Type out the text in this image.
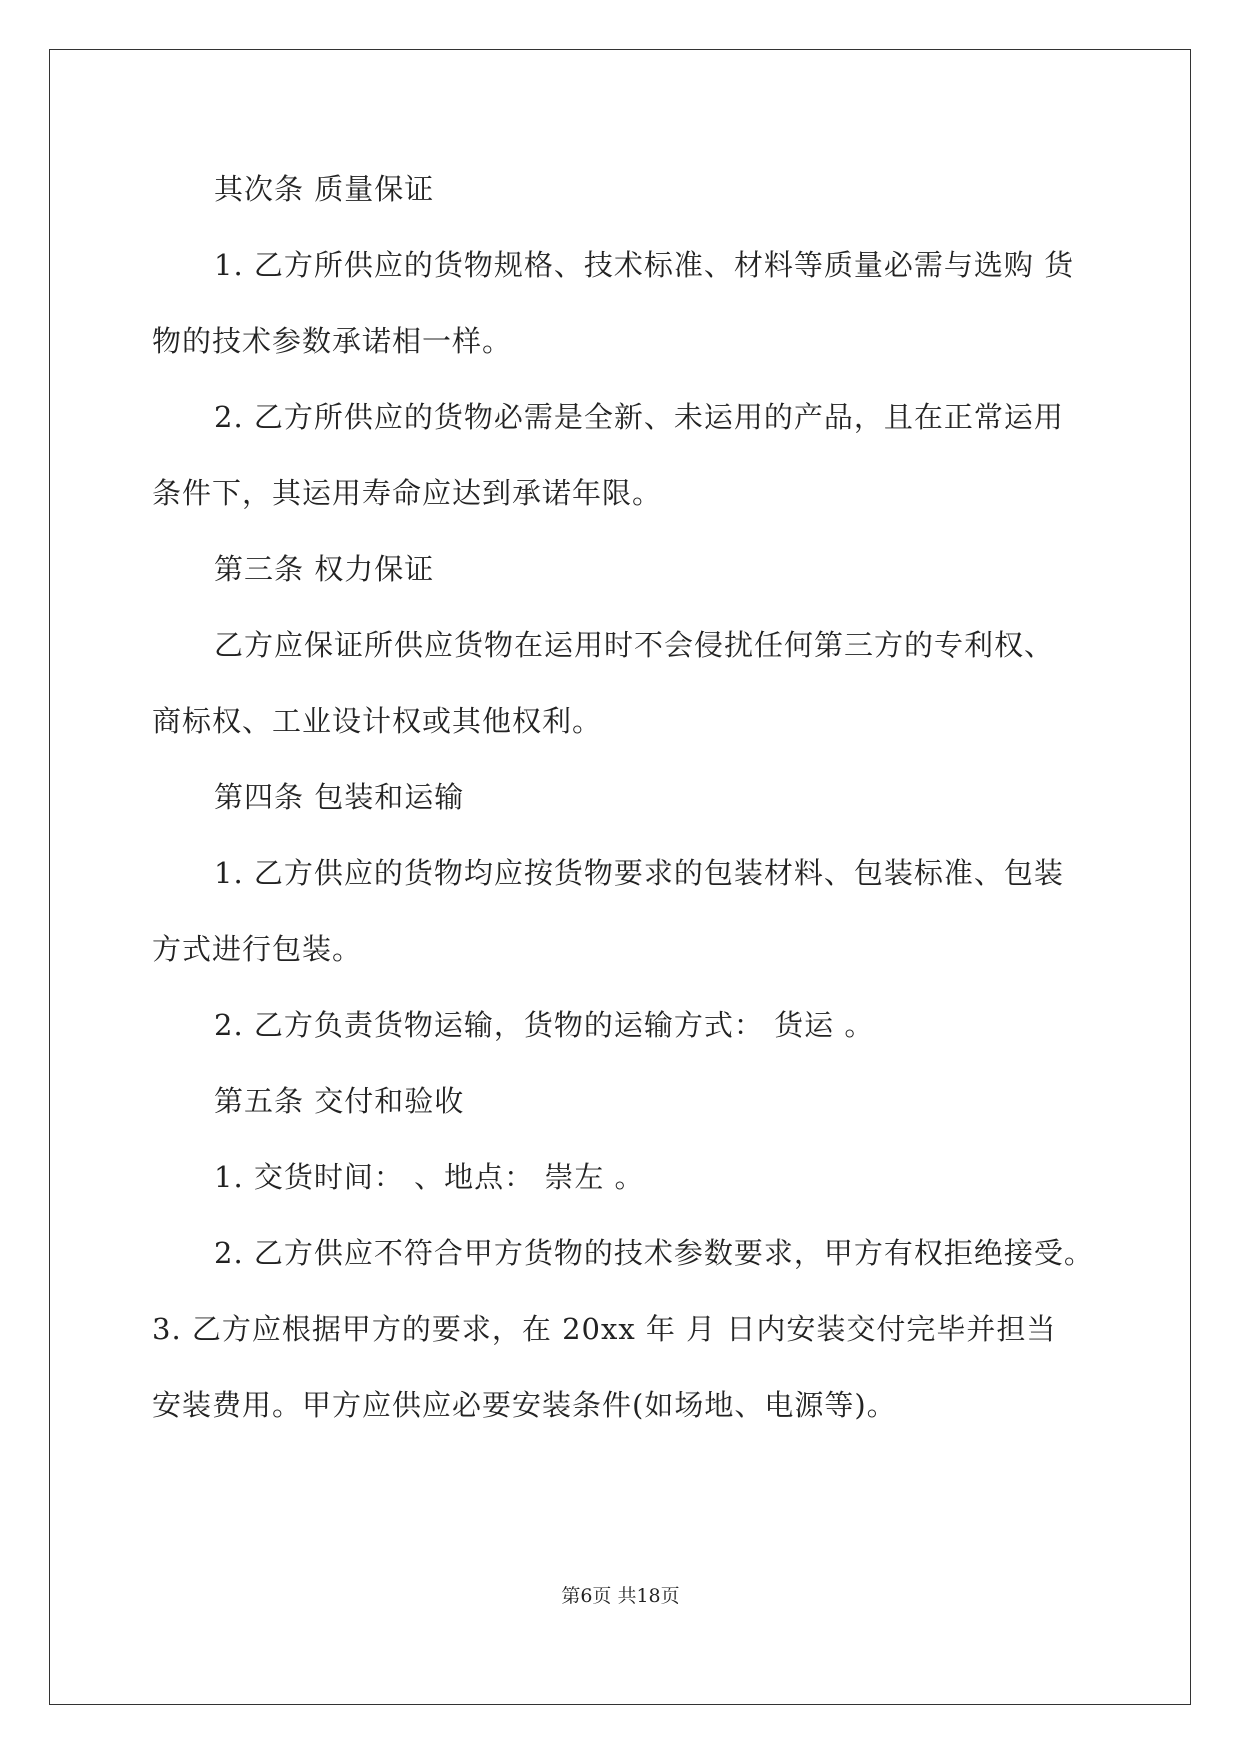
其次条 质量保证
1. 乙方所供应的货物规格、技术标准、材料等质量必需与选购 货
物的技术参数承诺相一样。
2. 乙方所供应的货物必需是全新、未运用的产品，且在正常运用
条件下，其运用寿命应达到承诺年限。
第三条 权力保证
乙方应保证所供应货物在运用时不会侵扰任何第三方的专利权、
商标权、工业设计权或其他权利。
第四条 包装和运输
1. 乙方供应的货物均应按货物要求的包装材料、包装标准、包装
方式进行包装。
2. 乙方负责货物运输，货物的运输方式： 货运 。
第五条 交付和验收
1. 交货时间： 、地点： 崇左 。
2. 乙方供应不符合甲方货物的技术参数要求，甲方有权拒绝接受。
3. 乙方应根据甲方的要求，在 20xx 年 月 日内安装交付完毕并担当
安装费用。甲方应供应必要安装条件(如场地、电源等)。
第6页 共18页
